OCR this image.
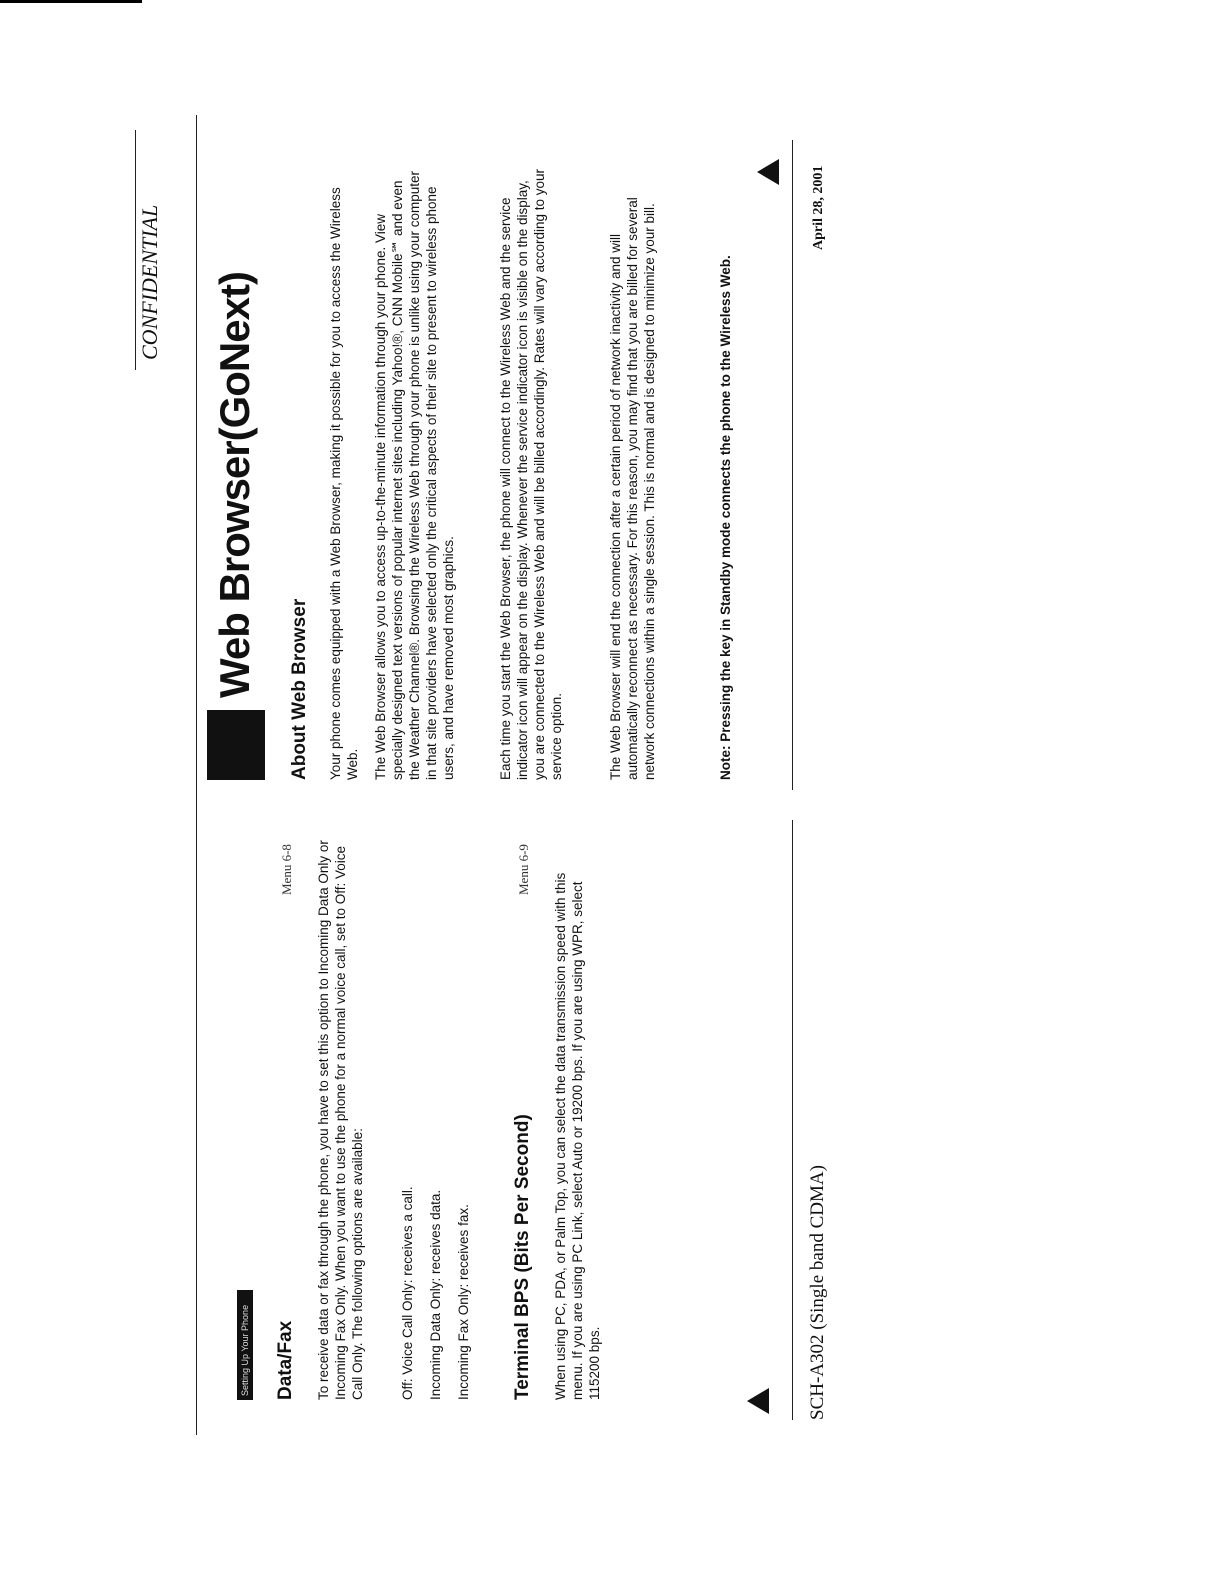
Setting Up Your Phone Data/Fax
Menu 6-8 To receive data or fax through the phone, you have to set this option to Incoming Data Only or Incoming Fax Only. When you want to use the phone for a normal voice call, set to Off: Voice Call Only. The following options are available:	Off: Voice Call Only: receives a call. Incoming Data Only: receives data. Incoming Fax Only: receives fax. Terminal BPS (Bits Per Second)
Menu 6-9

When using PC, PDA, or Palm Top, you can select the data transmission speed with this menu. If you are using PC Link, select Auto or 19200 bps. If you are using WPR, select 115200 bps.

Web Browser(GoNext) About Web Browser Your phone comes equipped with a Web Browser, making it possible for you to access the Wireless Web. The Web Browser allows you to access up-to-the-minute information through your phone. View specially designed text versions of popular internet sites including Yahoo!®, CNN Mobile℠ and even the Weather Channel®. Browsing the Wireless Web through your phone is unlike using your computer in that site providers have selected only the critical aspects of their site to present to wireless phone users, and have removed most graphics.	Each time you start the Web Browser, the phone will connect to the Wireless Web and the service indicator icon will appear on the display. Whenever the service indicator icon is visible on the display, you are connected to the Wireless Web and will be billed accordingly. Rates will vary according to your service option.	The Web Browser will end the connection after a certain period of network inactivity and will automatically reconnect as necessary. For this reason, you may find that you are billed for several network connections within a single session. This is normal and is designed to minimize your bill.	Note: Pressing the key in Standby mode connects the phone to the Wireless Web.

CONFIDENTIAL
SCH-A302 (Single band CDMA)
April 28, 2001
